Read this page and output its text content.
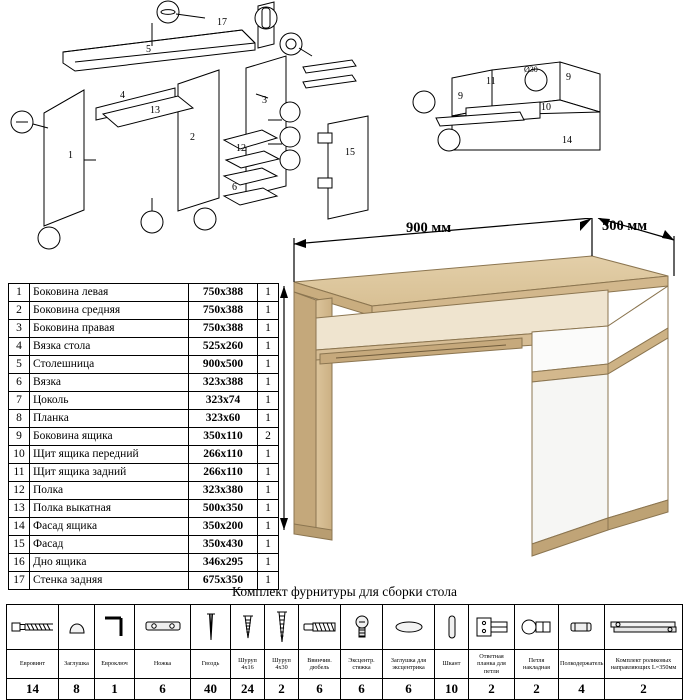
17
5
4
13
2
1
3
12
6
15
11	9
9
10
14
Ø30
1	Боковина левая	750х388	1
2	Боковина средняя	750х388	1
3	Боковина правая	750х388	1
4	Вязка стола	525х260	1
5	Столешница	900х500	1
6	Вязка	323х388	1
7	Цоколь	323х74	1
8	Планка	323х60	1
9	Боковина ящика	350х110	2
10	Щит ящика передний	266х110	1
11	Щит ящика задний	266х110	1
12	Полка	323х380	1
13	Полка выкатная	500х350	1
14	Фасад ящика	350х200	1
15	Фасад	350х430	1
16	Дно ящика	346х295	1
17	Стенка задняя	675х350	1
900 мм	500 мм
Комплект фурнитуры для сборки стола

Евровинт	Заглушка	Евроключ	Ножка	Гвоздь	Шуруп 4х16	Шуруп 4х30	Ввинчив. дюбель	Эксцентр. стяжка	Заглушка для эксцентрика	Шкант	Ответная планка для петли	Петля накладная	Полкодержатель	Комплект роликовых направляющих L=350мм
14	8	1	6	40	24	2	6	6	6	10	2	2	4	2
